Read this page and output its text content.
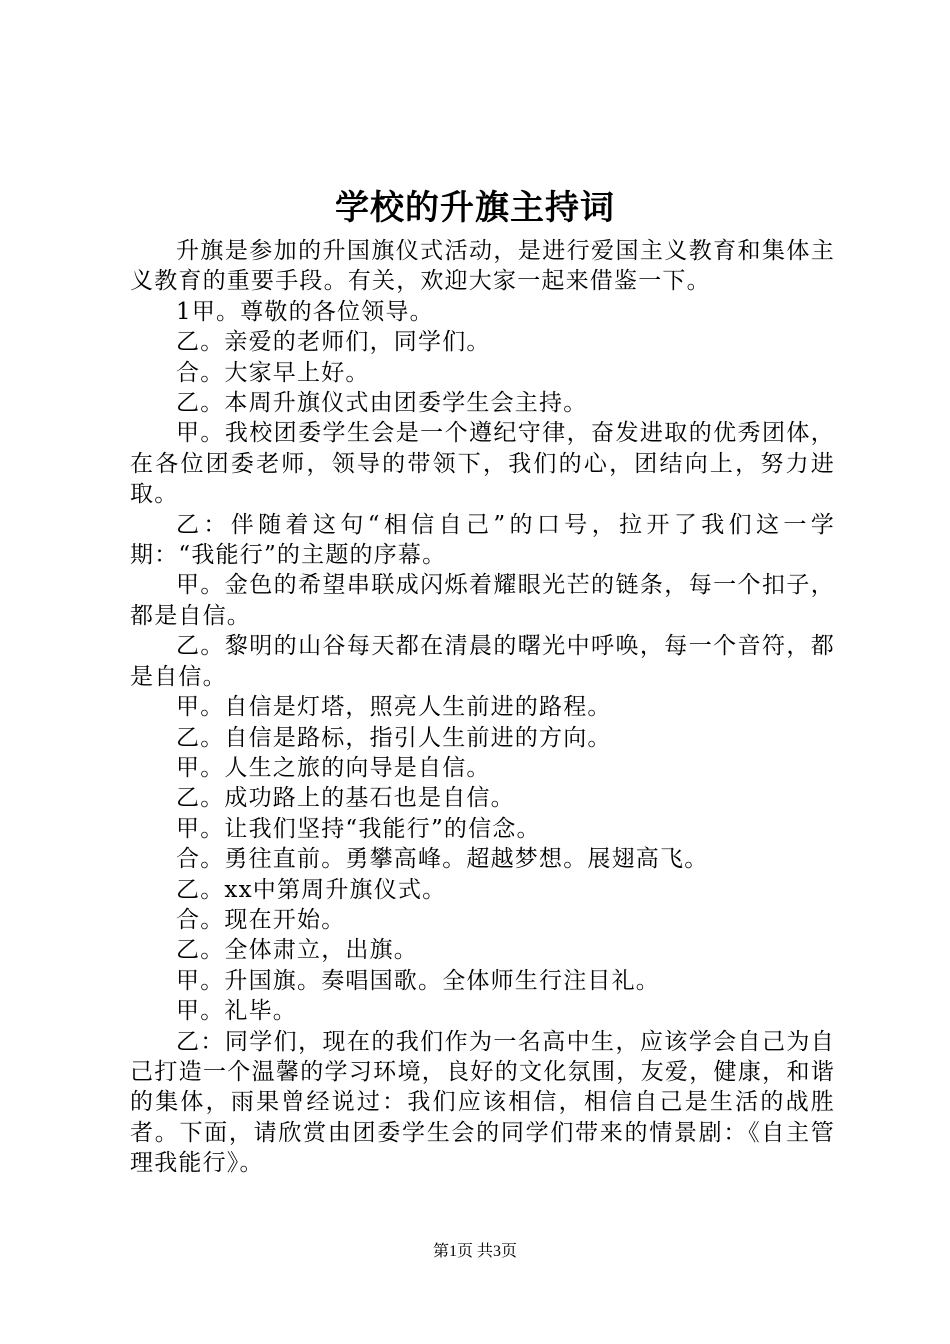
学校的升旗主持词

升旗是参加的升国旗仪式活动，是进行爱国主义教育和集体主义教育的重要手段。有关，欢迎大家一起来借鉴一下。

1甲。尊敬的各位领导。

乙。亲爱的老师们，同学们。

合。大家早上好。

乙。本周升旗仪式由团委学生会主持。

甲。我校团委学生会是一个遵纪守律，奋发进取的优秀团体，在各位团委老师，领导的带领下，我们的心，团结向上，努力进取。

乙：伴随着这句“相信自己”的口号，拉开了我们这一学期：“我能行”的主题的序幕。

甲。金色的希望串联成闪烁着耀眼光芒的链条，每一个扣子，都是自信。

乙。黎明的山谷每天都在清晨的曙光中呼唤，每一个音符，都是自信。

甲。自信是灯塔，照亮人生前进的路程。

乙。自信是路标，指引人生前进的方向。

甲。人生之旅的向导是自信。

乙。成功路上的基石也是自信。

甲。让我们坚持“我能行”的信念。

合。勇往直前。勇攀高峰。超越梦想。展翅高飞。

乙。xx中第周升旗仪式。

合。现在开始。

乙。全体肃立，出旗。

甲。升国旗。奏唱国歌。全体师生行注目礼。

甲。礼毕。

乙：同学们，现在的我们作为一名高中生，应该学会自己为自己打造一个温馨的学习环境，良好的文化氛围，友爱，健康，和谐的集体，雨果曾经说过：我们应该相信，相信自己是生活的战胜者。下面，请欣赏由团委学生会的同学们带来的情景剧：《自主管理我能行》。

第1页 共3页
